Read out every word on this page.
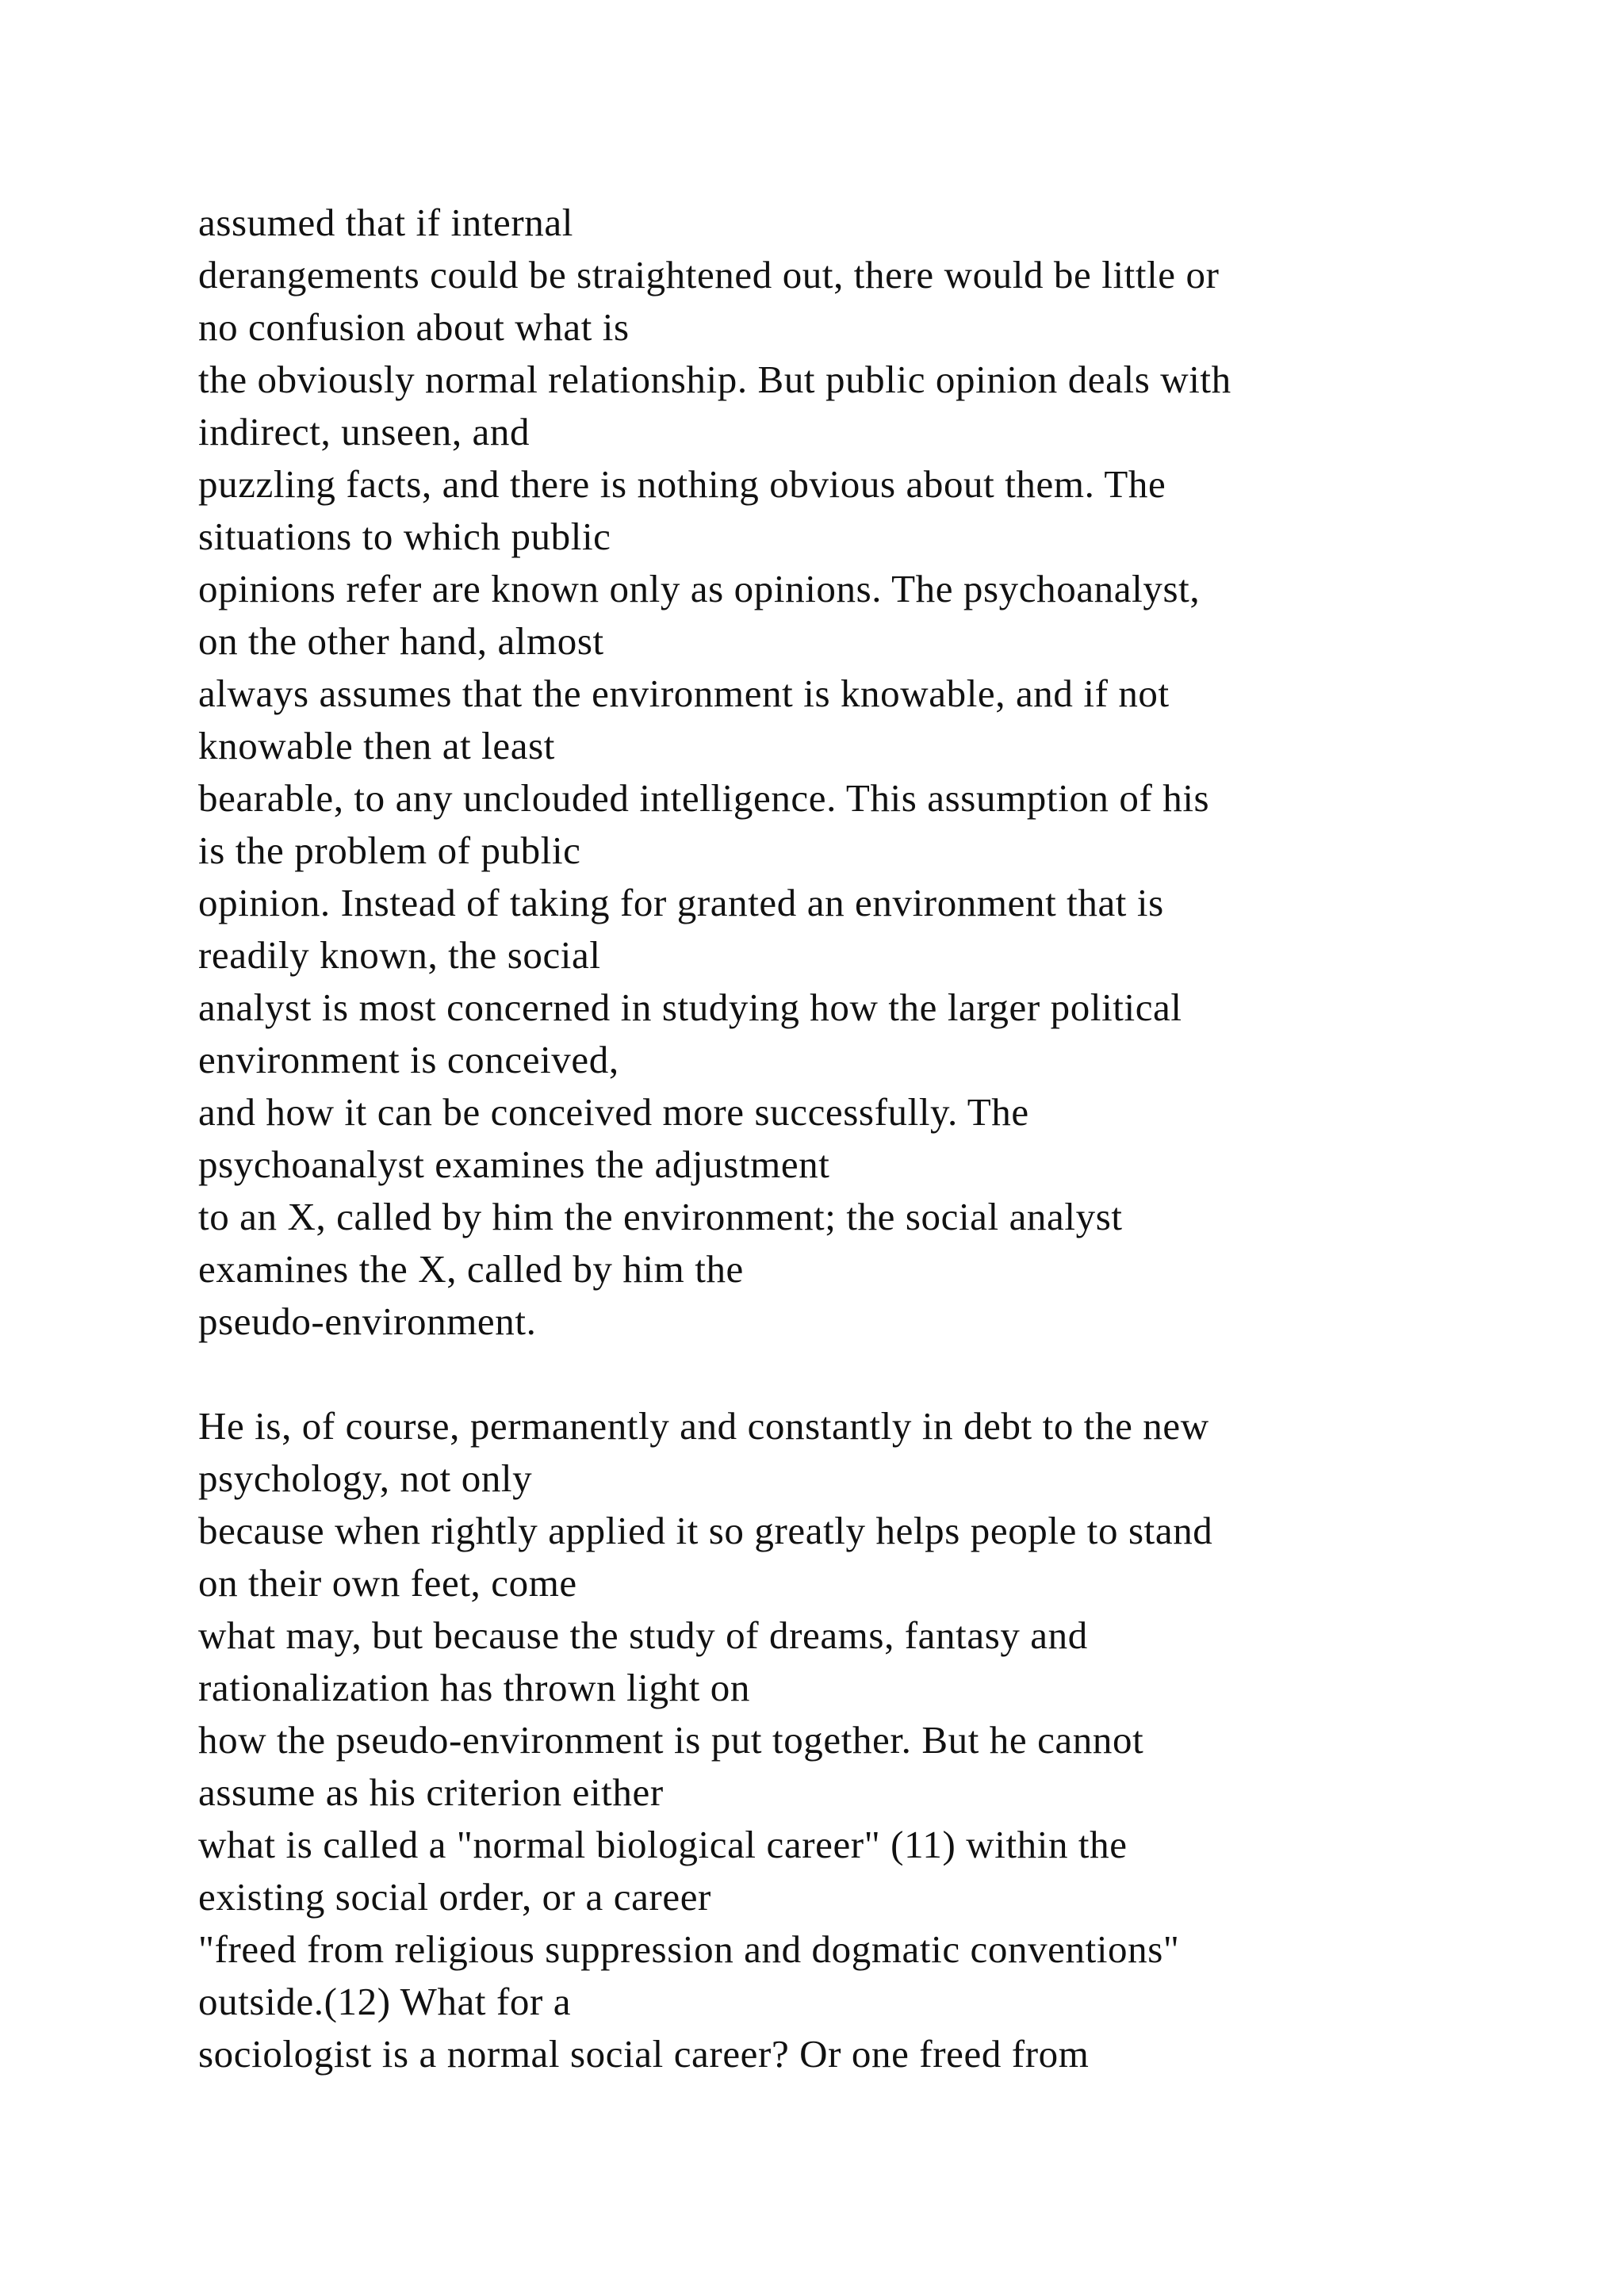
assumed that if internal
derangements could be straightened out, there would be little or
no confusion about what is
the obviously normal relationship. But public opinion deals with
indirect, unseen, and
puzzling facts, and there is nothing obvious about them. The
situations to which public
opinions refer are known only as opinions. The psychoanalyst,
on the other hand, almost
always assumes that the environment is knowable, and if not
knowable then at least
bearable, to any unclouded intelligence. This assumption of his
is the problem of public
opinion. Instead of taking for granted an environment that is
readily known, the social
analyst is most concerned in studying how the larger political
environment is conceived,
and how it can be conceived more successfully. The
psychoanalyst examines the adjustment
to an X, called by him the environment; the social analyst
examines the X, called by him the
pseudo-environment.
He is, of course, permanently and constantly in debt to the new
psychology, not only
because when rightly applied it so greatly helps people to stand
on their own feet, come
what may, but because the study of dreams, fantasy and
rationalization has thrown light on
how the pseudo-environment is put together. But he cannot
assume as his criterion either
what is called a "normal biological career" (11) within the
existing social order, or a career
"freed from religious suppression and dogmatic conventions"
outside.(12) What for a
sociologist is a normal social career? Or one freed from
